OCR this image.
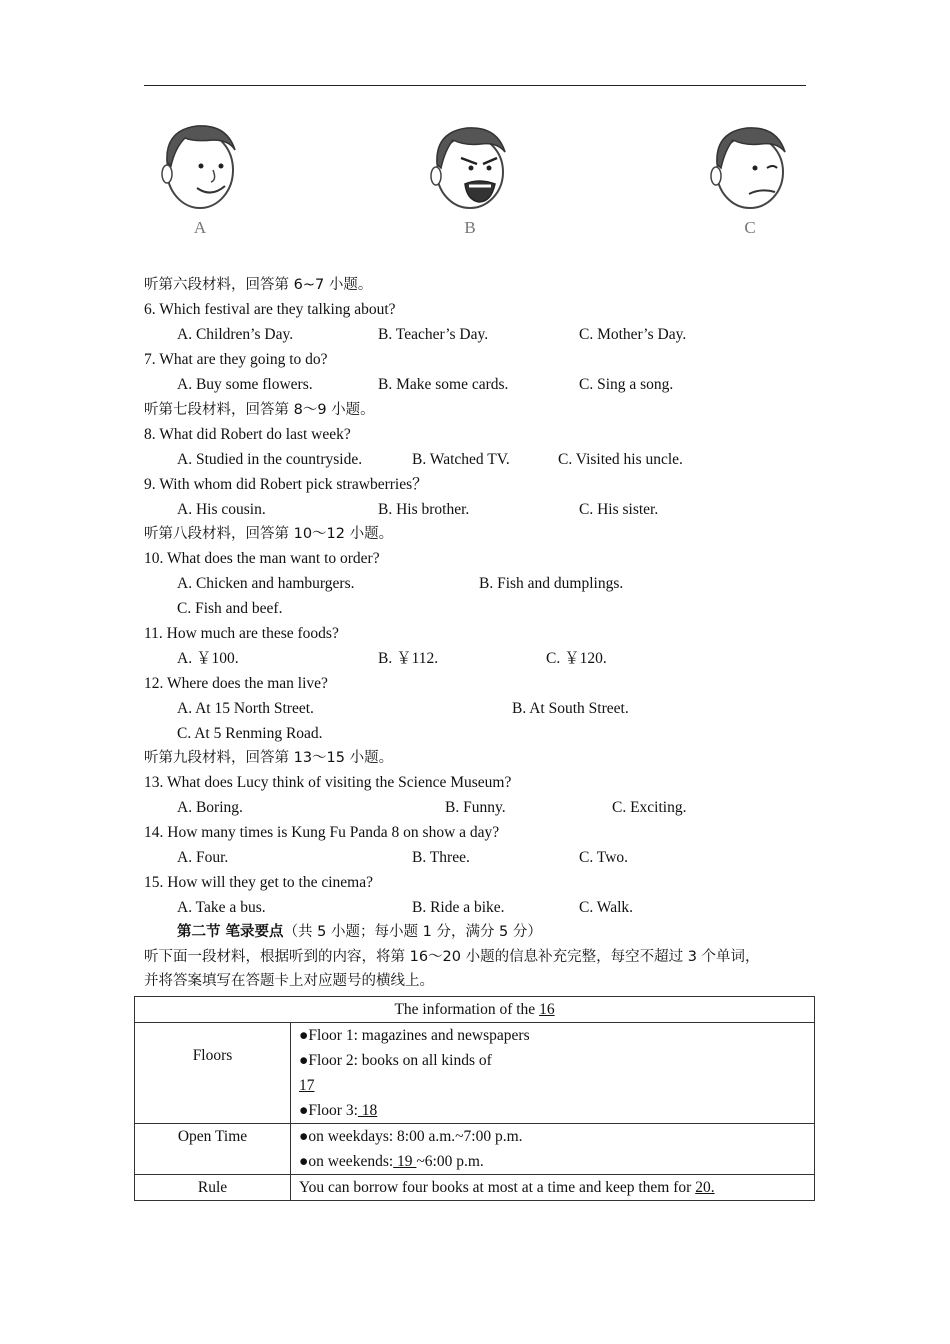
A	B	C
听第六段材料，回答第 6~7 小题。
6. Which festival are they talking about?
A. Children’s Day.	B. Teacher’s Day.	C. Mother’s Day.
7. What are they going to do?
A. Buy some flowers.	B. Make some cards.	C. Sing a song.
听第七段材料，回答第 8～9 小题。
8. What did Robert do last week?
A. Studied in the countryside.	B. Watched TV.	C. Visited his uncle.
9. With whom did Robert pick strawberries？
A. His cousin.	B. His brother.	C. His sister.
听第八段材料，回答第 10～12 小题。
10. What does the man want to order?
A. Chicken and hamburgers.	B. Fish and dumplings.
C. Fish and beef.
11. How much are these foods?
A. ￥100.	B. ￥112.	C. ￥120.
12. Where does the man live?
A. At 15 North Street.	B. At South Street.
C. At 5 Renming Road.
听第九段材料，回答第 13～15 小题。
13. What does Lucy think of visiting the Science Museum?
A. Boring.	B. Funny.	C. Exciting.
14. How many times is Kung Fu Panda 8 on show a day?
A. Four.	B. Three.	C. Two.
15. How will they get to the cinema?
A. Take a bus.	B. Ride a bike.	C. Walk.
第二节 笔录要点（共 5 小题；每小题 1 分，满分 5 分）
听下面一段材料，根据听到的内容，将第 16～20 小题的信息补充完整，每空不超过 3 个单词，
并将答案填写在答题卡上对应题号的横线上。
The information of the 16	
Floors	●Floor 1: magazines and newspapers
●Floor 2: books on all kinds of
17
●Floor 3: 18

Open Time	●on weekdays: 8:00 a.m.~7:00 p.m.
●on weekends: 19 ~6:00 p.m.

Rule	You can borrow four books at most at a time and keep them for 20.
